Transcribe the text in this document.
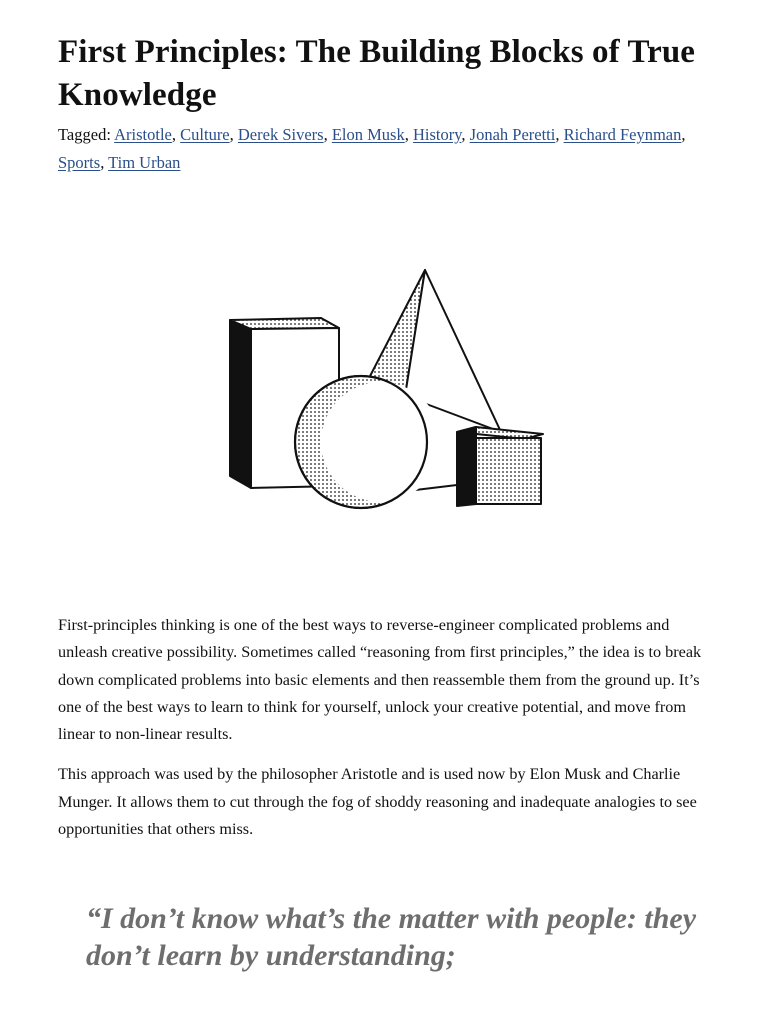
First Principles: The Building Blocks of True Knowledge
Tagged: Aristotle, Culture, Derek Sivers, Elon Musk, History, Jonah Peretti, Richard Feynman, Sports, Tim Urban

First-principles thinking is one of the best ways to reverse-engineer complicated problems and unleash creative possibility. Sometimes called “reasoning from first principles,” the idea is to break down complicated problems into basic elements and then reassemble them from the ground up. It’s one of the best ways to learn to think for yourself, unlock your creative potential, and move from linear to non-linear results.

This approach was used by the philosopher Aristotle and is used now by Elon Musk and Charlie Munger. It allows them to cut through the fog of shoddy reasoning and inadequate analogies to see opportunities that others miss.

“I don’t know what’s the matter with people: they don’t learn by understanding;
